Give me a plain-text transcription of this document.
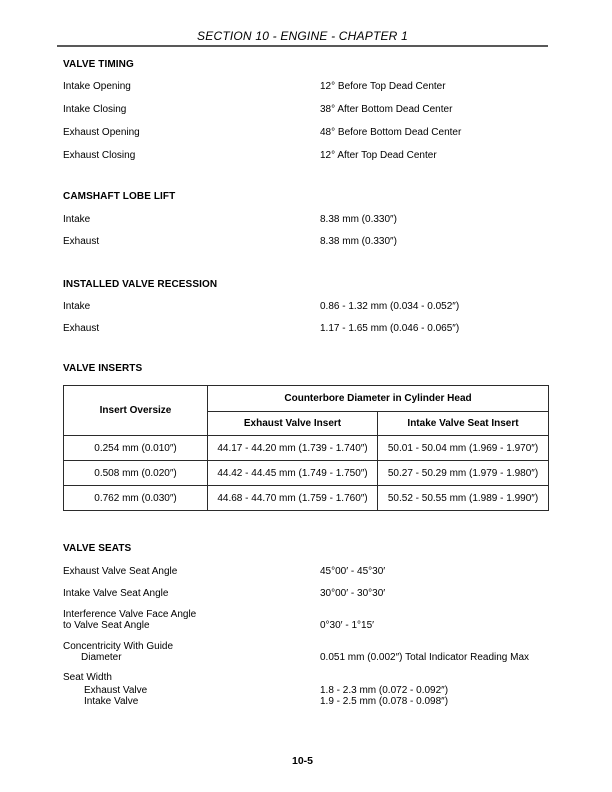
SECTION 10 - ENGINE - CHAPTER 1
VALVE TIMING
Intake Opening	12° Before Top Dead Center
Intake Closing	38° After Bottom Dead Center
Exhaust Opening	48° Before Bottom Dead Center
Exhaust Closing	12° After Top Dead Center
CAMSHAFT LOBE LIFT
Intake	8.38 mm (0.330″)
Exhaust	8.38 mm (0.330″)
INSTALLED VALVE RECESSION
Intake	0.86 - 1.32 mm (0.034 - 0.052″)
Exhaust	1.17 - 1.65 mm (0.046 - 0.065″)
VALVE INSERTS
Insert Oversize	Counterbore Diameter in Cylinder Head	
	Exhaust Valve Insert	Intake Valve Seat Insert
0.254 mm (0.010″)	44.17 - 44.20 mm (1.739 - 1.740″)	50.01 - 50.04 mm (1.969 - 1.970″)
0.508 mm (0.020″)	44.42 - 44.45 mm (1.749 - 1.750″)	50.27 - 50.29 mm (1.979 - 1.980″)
0.762 mm (0.030″)	44.68 - 44.70 mm (1.759 - 1.760″)	50.52 - 50.55 mm (1.989 - 1.990″)
VALVE SEATS
Exhaust Valve Seat Angle	45°00′ - 45°30′
Intake Valve Seat Angle	30°00′ - 30°30′
Interference Valve Face Angle
to Valve Seat Angle	0°30′ - 1°15′
Concentricity With Guide
Diameter	0.051 mm (0.002″) Total Indicator Reading Max
Seat Width
Exhaust Valve	1.8 - 2.3 mm (0.072 - 0.092″)
Intake Valve	1.9 - 2.5 mm (0.078 - 0.098″)
10-5
